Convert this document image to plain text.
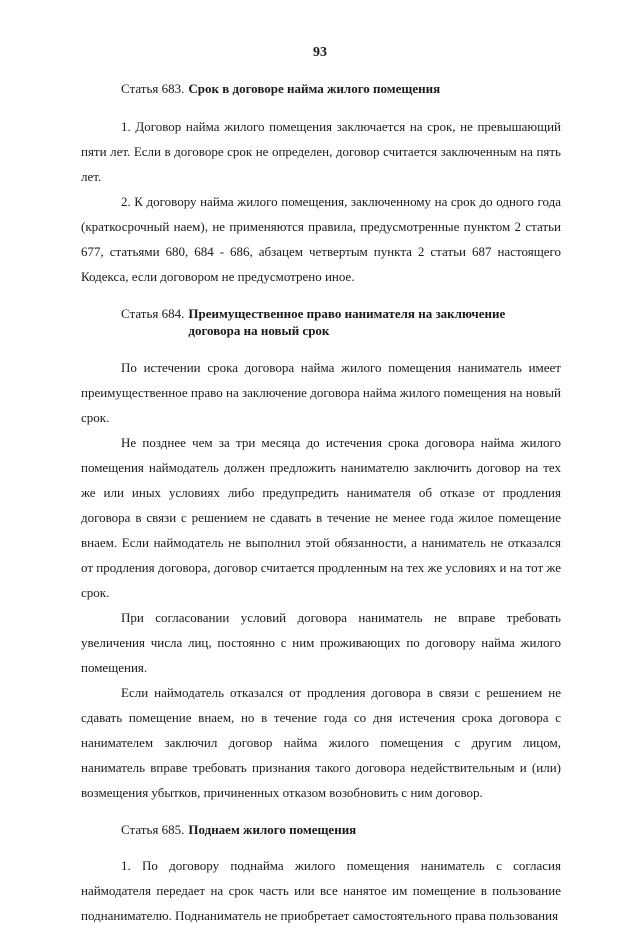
93
Статья 683. Срок в договоре найма жилого помещения

1. Договор найма жилого помещения заключается на срок, не превышающий пяти лет. Если в договоре срок не определен, договор считается заключенным на пять лет.

2. К договору найма жилого помещения, заключенному на срок до одного года (краткосрочный наем), не применяются правила, предусмотренные пунктом 2 статьи 677, статьями 680, 684 - 686, абзацем четвертым пункта 2 статьи 687 настоящего Кодекса, если договором не предусмотрено иное.

Статья 684. Преимущественное право нанимателя на заключение договора на новый срок

По истечении срока договора найма жилого помещения наниматель имеет преимущественное право на заключение договора найма жилого помещения на новый срок.

Не позднее чем за три месяца до истечения срока договора найма жилого помещения наймодатель должен предложить нанимателю заключить договор на тех же или иных условиях либо предупредить нанимателя об отказе от продления договора в связи с решением не сдавать в течение не менее года жилое помещение внаем. Если наймодатель не выполнил этой обязанности, а наниматель не отказался от продления договора, договор считается продленным на тех же условиях и на тот же срок.

При согласовании условий договора наниматель не вправе требовать увеличения числа лиц, постоянно с ним проживающих по договору найма жилого помещения.

Если наймодатель отказался от продления договора в связи с решением не сдавать помещение внаем, но в течение года со дня истечения срока договора с нанимателем заключил договор найма жилого помещения с другим лицом, наниматель вправе требовать признания такого договора недействительным и (или) возмещения убытков, причиненных отказом возобновить с ним договор.

Статья 685. Поднаем жилого помещения

1. По договору поднайма жилого помещения наниматель с согласия наймодателя передает на срок часть или все нанятое им помещение в пользование поднанимателю. Поднаниматель не приобретает самостоятельного права пользования
